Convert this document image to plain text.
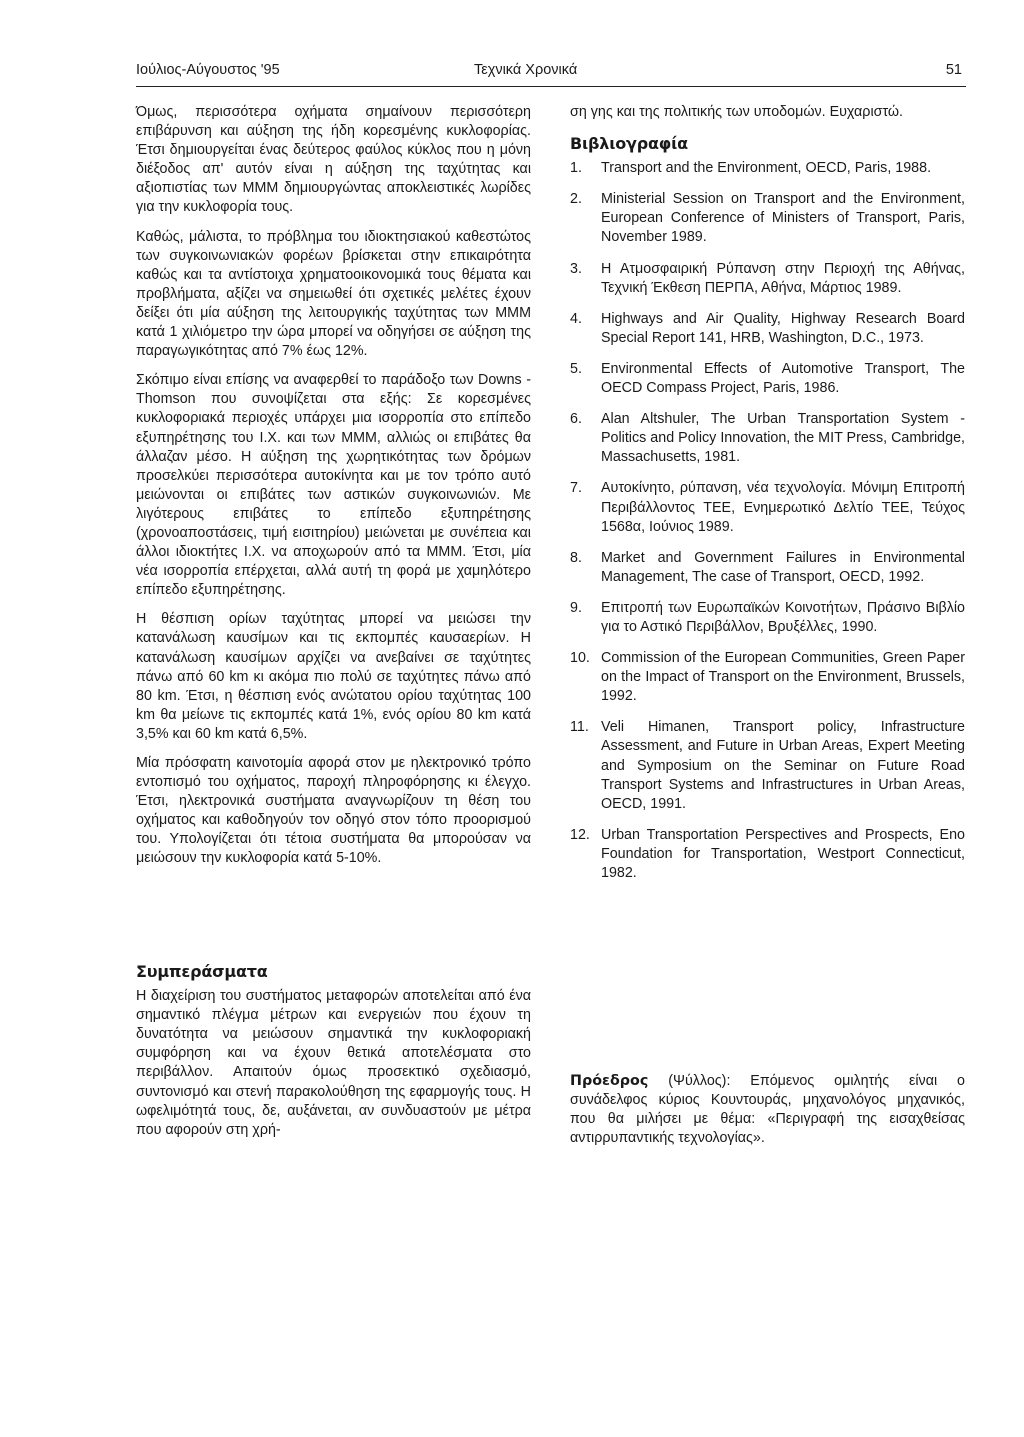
Ιούλιος-Αύγουστος '95	Τεχνικά Χρονικά	51

Όμως, περισσότερα οχήματα σημαίνουν περισσότερη επιβάρυνση και αύξηση της ήδη κορεσμένης κυκλοφορίας. Έτσι δημιουργείται ένας δεύτερος φαύλος κύκλος που η μόνη διέξοδος απ' αυτόν είναι η αύξηση της ταχύτητας και αξιοπιστίας των ΜΜΜ δημιουργώντας αποκλειστικές λωρίδες για την κυκλοφορία τους.

Καθώς, μάλιστα, το πρόβλημα του ιδιοκτησιακού καθεστώτος των συγκοινωνιακών φορέων βρίσκεται στην επικαιρότητα καθώς και τα αντίστοιχα χρηματοοικονομικά τους θέματα και προβλήματα, αξίζει να σημειωθεί ότι σχετικές μελέτες έχουν δείξει ότι μία αύξηση της λειτουργικής ταχύτητας των ΜΜΜ κατά 1 χιλιόμετρο την ώρα μπορεί να οδηγήσει σε αύξηση της παραγωγικότητας από 7% έως 12%.

Σκόπιμο είναι επίσης να αναφερθεί το παράδοξο των Downs - Thomson που συνοψίζεται στα εξής: Σε κορεσμένες κυκλοφοριακά περιοχές υπάρχει μια ισορροπία στο επίπεδο εξυπηρέτησης του Ι.Χ. και των ΜΜΜ, αλλιώς οι επιβάτες θα άλλαζαν μέσο. Η αύξηση της χωρητικότητας των δρόμων προσελκύει περισσότερα αυτοκίνητα και με τον τρόπο αυτό μειώνονται οι επιβάτες των αστικών συγκοινωνιών. Με λιγότερους επιβάτες το επίπεδο εξυπηρέτησης (χρονοαποστάσεις, τιμή εισιτηρίου) μειώνεται με συνέπεια και άλλοι ιδιοκτήτες Ι.Χ. να αποχωρούν από τα ΜΜΜ. Έτσι, μία νέα ισορροπία επέρχεται, αλλά αυτή τη φορά με χαμηλότερο επίπεδο εξυπηρέτησης.

Η θέσπιση ορίων ταχύτητας μπορεί να μειώσει την κατανάλωση καυσίμων και τις εκπομπές καυσαερίων. Η κατανάλωση καυσίμων αρχίζει να ανεβαίνει σε ταχύτητες πάνω από 60 km κι ακόμα πιο πολύ σε ταχύτητες πάνω από 80 km. Έτσι, η θέσπιση ενός ανώτατου ορίου ταχύτητας 100 km θα μείωνε τις εκπομπές κατά 1%, ενός ορίου 80 km κατά 3,5% και 60 km κατά 6,5%.

Μία πρόσφατη καινοτομία αφορά στον με ηλεκτρονικό τρόπο εντοπισμό του οχήματος, παροχή πληροφόρησης κι έλεγχο. Έτσι, ηλεκτρονικά συστήματα αναγνωρίζουν τη θέση του οχήματος και καθοδηγούν τον οδηγό στον τόπο προορισμού του. Υπολογίζεται ότι τέτοια συστήματα θα μπορούσαν να μειώσουν την κυκλοφορία κατά 5-10%.

ση γης και της πολιτικής των υποδομών. Ευχαριστώ.

Βιβλιογραφία
1. Transport and the Environment, OECD, Paris, 1988.
2. Ministerial Session on Transport and the Environment, European Conference of Ministers of Transport, Paris, November 1989.
3. Η Ατμοσφαιρική Ρύπανση στην Περιοχή της Αθήνας, Τεχνική Έκθεση ΠΕΡΠΑ, Αθήνα, Μάρτιος 1989.
4. Highways and Air Quality, Highway Research Board Special Report 141, HRB, Washington, D.C., 1973.
5. Environmental Effects of Automotive Transport, The OECD Compass Project, Paris, 1986.
6. Alan Altshuler, The Urban Transportation System - Politics and Policy Innovation, the MIT Press, Cambridge, Massachusetts, 1981.
7. Αυτοκίνητο, ρύπανση, νέα τεχνολογία. Μόνιμη Επιτροπή Περιβάλλοντος ΤΕΕ, Ενημερωτικό Δελτίο ΤΕΕ, Τεύχος 1568α, Ιούνιος 1989.
8. Market and Government Failures in Environmental Management, The case of Transport, OECD, 1992.
9. Επιτροπή των Ευρωπαϊκών Κοινοτήτων, Πράσινο Βιβλίο για το Αστικό Περιβάλλον, Βρυξέλλες, 1990.
10. Commission of the European Communities, Green Paper on the Impact of Transport on the Environment, Brussels, 1992.
11. Veli Himanen, Transport policy, Infrastructure Assessment, and Future in Urban Areas, Expert Meeting and Symposium on the Seminar on Future Road Transport Systems and Infrastructures in Urban Areas, OECD, 1991.
12. Urban Transportation Perspectives and Prospects, Eno Foundation for Transportation, Westport Connecticut, 1982.
Συμπεράσματα

Η διαχείριση του συστήματος μεταφορών αποτελείται από ένα σημαντικό πλέγμα μέτρων και ενεργειών που έχουν τη δυνατότητα να μειώσουν σημαντικά την κυκλοφοριακή συμφόρηση και να έχουν θετικά αποτελέσματα στο περιβάλλον. Απαιτούν όμως προσεκτικό σχεδιασμό, συντονισμό και στενή παρακολούθηση της εφαρμογής τους. Η ωφελιμότητά τους, δε, αυξάνεται, αν συνδυαστούν με μέτρα που αφορούν στη χρή-

Πρόεδρος (Ψύλλος): Επόμενος ομιλητής είναι ο συνάδελφος κύριος Κουντουράς, μηχανολόγος μηχανικός, που θα μιλήσει με θέμα: «Περιγραφή της εισαχθείσας αντιρρυπαντικής τεχνολογίας».
